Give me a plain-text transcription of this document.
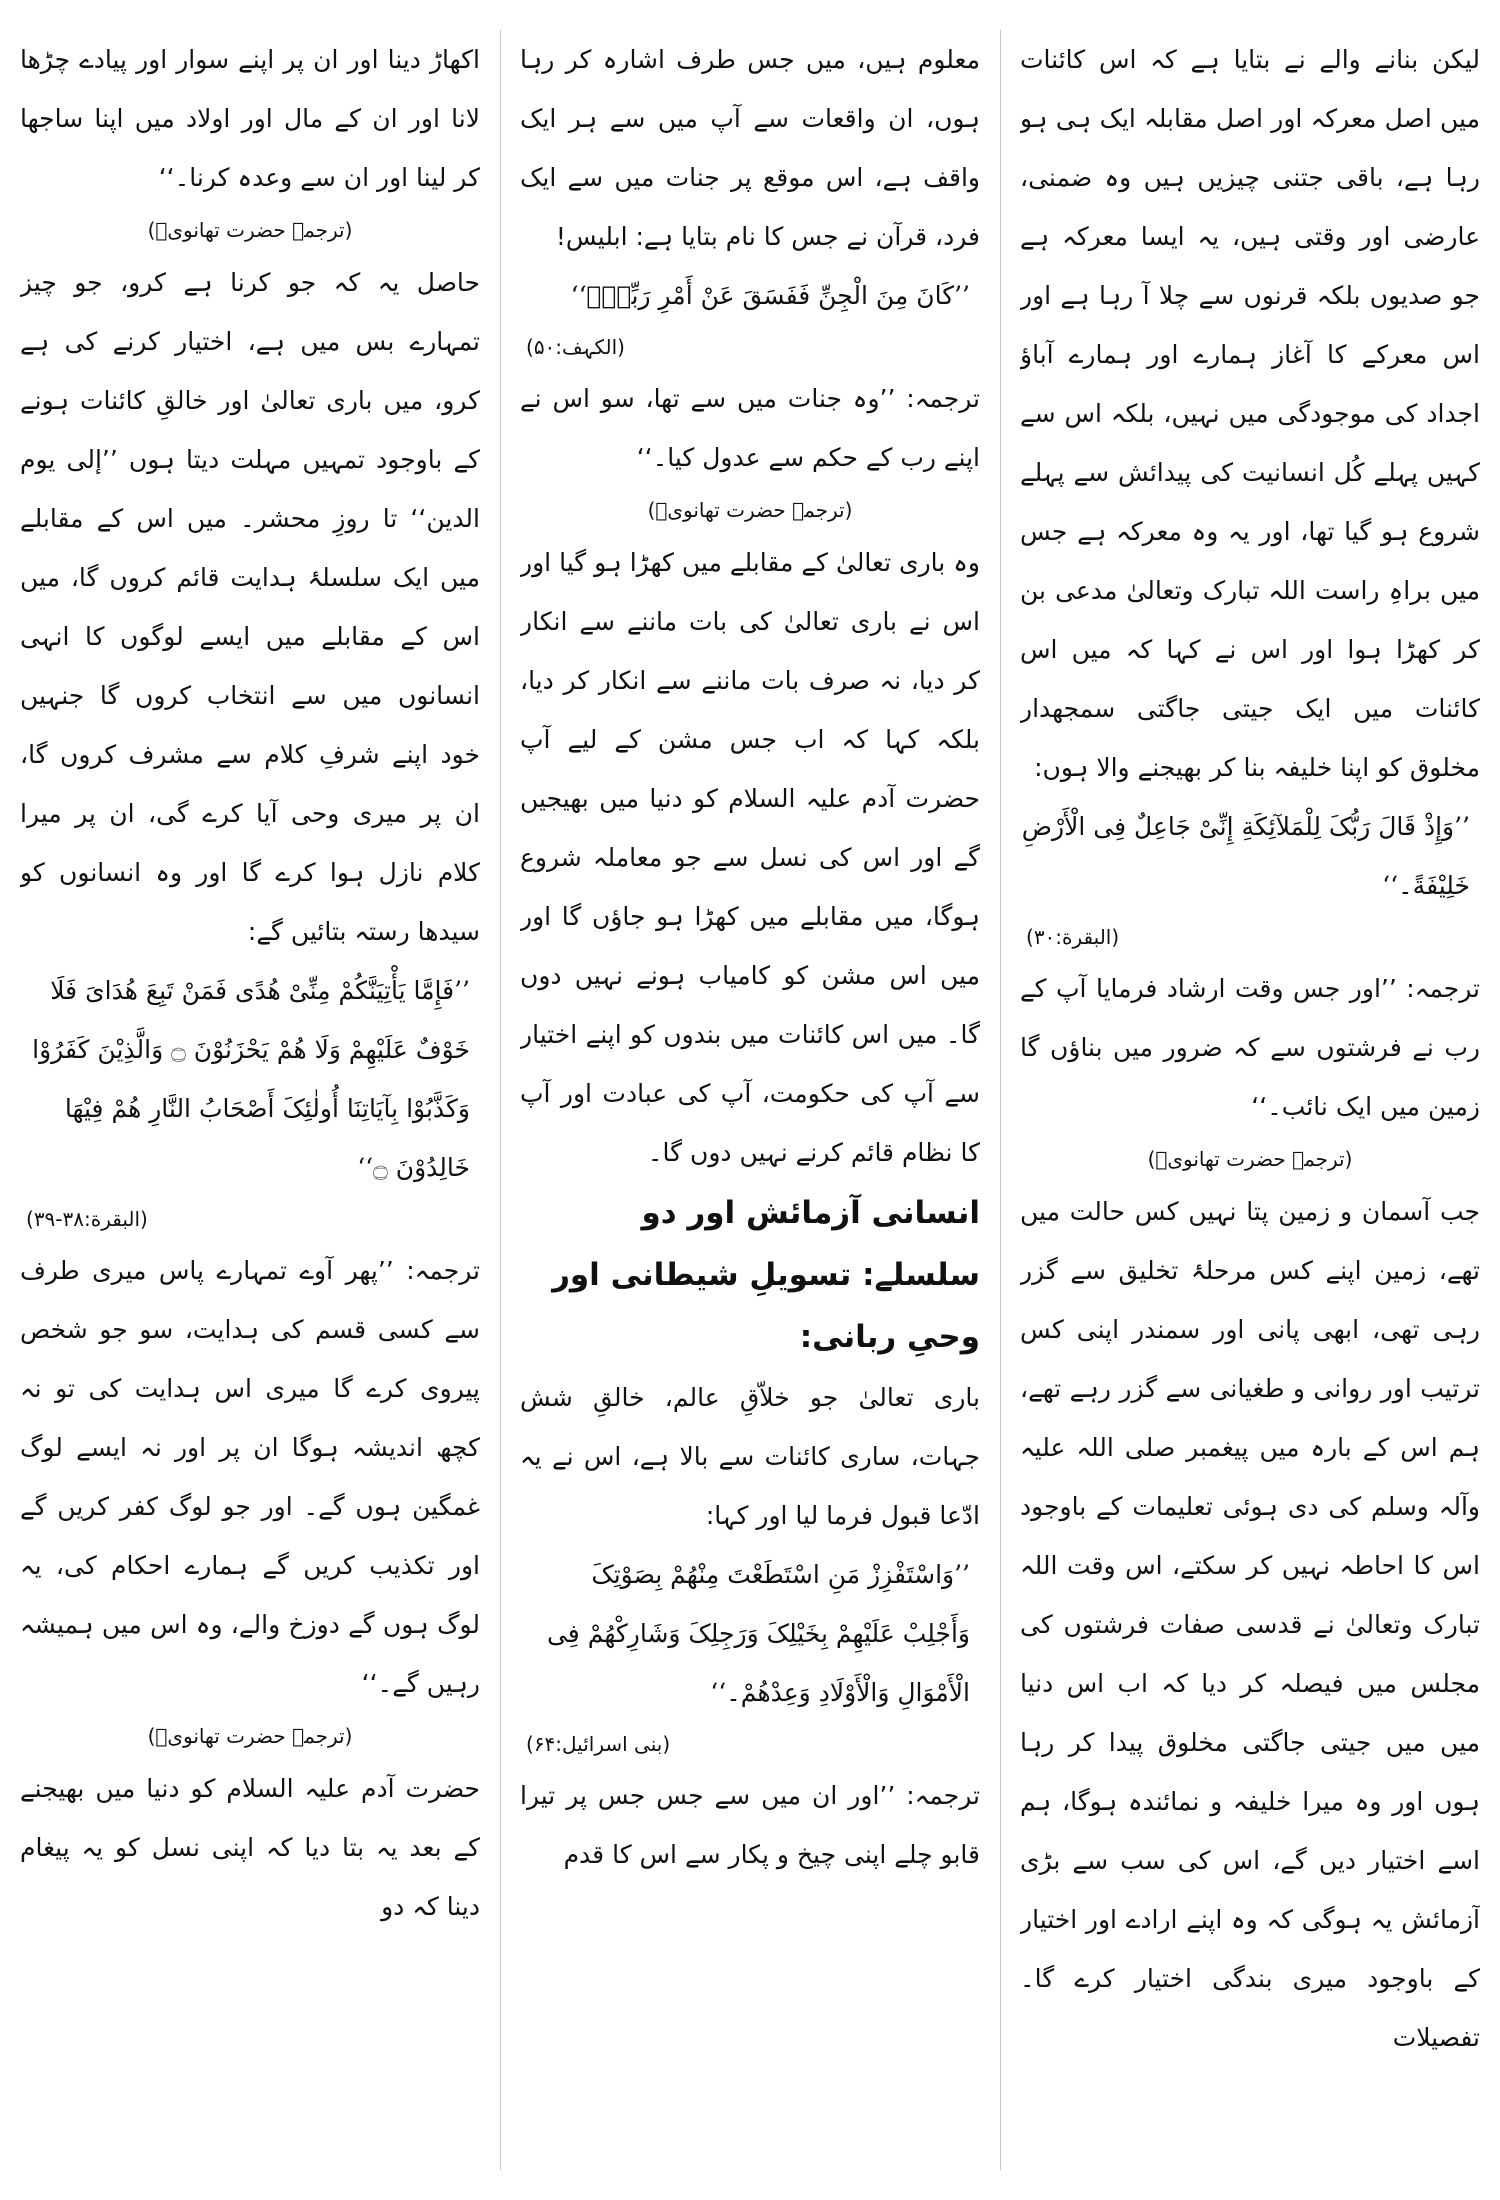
لیکن بنانے والے نے بتایا ہے کہ اس کائنات میں اصل معرکہ اور اصل مقابلہ ایک ہی ہو رہا ہے، باقی جتنی چیزیں ہیں وہ ضمنی، عارضی اور وقتی ہیں، یہ ایسا معرکہ ہے جو صدیوں بلکہ قرنوں سے چلا آ رہا ہے اور اس معرکے کا آغاز ہمارے اور ہمارے آباؤ اجداد کی موجودگی میں نہیں، بلکہ اس سے کہیں پہلے کُل انسانیت کی پیدائش سے پہلے شروع ہو گیا تھا، اور یہ وہ معرکہ ہے جس میں براہِ راست اللہ تبارک وتعالیٰ مدعی بن کر کھڑا ہوا اور اس نے کہا کہ میں اس کائنات میں ایک جیتی جاگتی سمجھدار مخلوق کو اپنا خلیفہ بنا کر بھیجنے والا ہوں:

’’وَإِذْ قَالَ رَبُّکَ لِلْمَلآئِکَةِ إِنِّیْ جَاعِلٌ فِی الْأَرْضِ خَلِیْفَةً۔‘‘

(البقرة:۳۰)

ترجمہ: ’’اور جس وقت ارشاد فرمایا آپ کے رب نے فرشتوں سے کہ ضرور میں بناؤں گا زمین میں ایک نائب۔‘‘

(ترجمہ حضرت تھانویؒ)

جب آسمان و زمین پتا نہیں کس حالت میں تھے، زمین اپنے کس مرحلۂ تخلیق سے گزر رہی تھی، ابھی پانی اور سمندر اپنی کس ترتیب اور روانی و طغیانی سے گزر رہے تھے، ہم اس کے بارہ میں پیغمبر صلی اللہ علیہ وآلہ وسلم کی دی ہوئی تعلیمات کے باوجود اس کا احاطہ نہیں کر سکتے، اس وقت اللہ تبارک وتعالیٰ نے قدسی صفات فرشتوں کی مجلس میں فیصلہ کر دیا کہ اب اس دنیا میں میں جیتی جاگتی مخلوق پیدا کر رہا ہوں اور وہ میرا خلیفہ و نمائندہ ہوگا، ہم اسے اختیار دیں گے، اس کی سب سے بڑی آزمائش یہ ہوگی کہ وہ اپنے ارادے اور اختیار کے باوجود میری بندگی اختیار کرے گا۔ تفصیلات

معلوم ہیں، میں جس طرف اشارہ کر رہا ہوں، ان واقعات سے آپ میں سے ہر ایک واقف ہے، اس موقع پر جنات میں سے ایک فرد، قرآن نے جس کا نام بتایا ہے: ابلیس!

’’کَانَ مِنَ الْجِنِّ فَفَسَقَ عَنْ أَمْرِ رَبِّهٖ۔‘‘

(الکہف:۵۰)

ترجمہ: ’’وہ جنات میں سے تھا، سو اس نے اپنے رب کے حکم سے عدول کیا۔‘‘

(ترجمہ حضرت تھانویؒ)

وہ باری تعالیٰ کے مقابلے میں کھڑا ہو گیا اور اس نے باری تعالیٰ کی بات ماننے سے انکار کر دیا، نہ صرف بات ماننے سے انکار کر دیا، بلکہ کہا کہ اب جس مشن کے لیے آپ حضرت آدم علیہ السلام کو دنیا میں بھیجیں گے اور اس کی نسل سے جو معاملہ شروع ہوگا، میں مقابلے میں کھڑا ہو جاؤں گا اور میں اس مشن کو کامیاب ہونے نہیں دوں گا۔ میں اس کائنات میں بندوں کو اپنے اختیار سے آپ کی حکومت، آپ کی عبادت اور آپ کا نظام قائم کرنے نہیں دوں گا۔

انسانی آزمائش اور دو سلسلے: تسویلِ شیطانی اور وحیِ ربانی:

باری تعالیٰ جو خلاّقِ عالم، خالقِ شش جہات، ساری کائنات سے بالا ہے، اس نے یہ ادّعا قبول فرما لیا اور کہا:

’’وَاسْتَفْزِزْ مَنِ اسْتَطَعْتَ مِنْهُمْ بِصَوْتِکَ وَأَجْلِبْ عَلَیْهِمْ بِخَیْلِکَ وَرَجِلِکَ وَشَارِکْهُمْ فِی الْأَمْوَالِ وَالْأَوْلَادِ وَعِدْهُمْ۔‘‘

(بنی اسرائیل:۶۴)

ترجمہ: ’’اور ان میں سے جس جس پر تیرا قابو چلے اپنی چیخ و پکار سے اس کا قدم

اکھاڑ دینا اور ان پر اپنے سوار اور پیادے چڑھا لانا اور ان کے مال اور اولاد میں اپنا ساجھا کر لینا اور ان سے وعدہ کرنا۔‘‘

(ترجمہ حضرت تھانویؒ)

حاصل یہ کہ جو کرنا ہے کرو، جو چیز تمہارے بس میں ہے، اختیار کرنے کی ہے کرو، میں باری تعالیٰ اور خالقِ کائنات ہونے کے باوجود تمہیں مہلت دیتا ہوں ’’إلی یوم الدین‘‘ تا روزِ محشر۔ میں اس کے مقابلے میں ایک سلسلۂ ہدایت قائم کروں گا، میں اس کے مقابلے میں ایسے لوگوں کا انہی انسانوں میں سے انتخاب کروں گا جنہیں خود اپنے شرفِ کلام سے مشرف کروں گا، ان پر میری وحی آیا کرے گی، ان پر میرا کلام نازل ہوا کرے گا اور وہ انسانوں کو سیدھا رستہ بتائیں گے:

’’فَإِمَّا یَأْتِیَنَّکُمْ مِنِّیْ هُدًی فَمَنْ تَبِعَ هُدَایَ فَلَا خَوْفٌ عَلَیْهِمْ وَلَا هُمْ یَحْزَنُوْنَ ۝ وَالَّذِیْنَ کَفَرُوْا وَکَذَّبُوْا بِآیَاتِنَا أُولٰئِکَ أَصْحَابُ النَّارِ هُمْ فِیْهَا خَالِدُوْنَ ۝‘‘

(البقرة:۳۸-۳۹)

ترجمہ: ’’پھر آوے تمہارے پاس میری طرف سے کسی قسم کی ہدایت، سو جو شخص پیروی کرے گا میری اس ہدایت کی تو نہ کچھ اندیشہ ہوگا ان پر اور نہ ایسے لوگ غمگین ہوں گے۔ اور جو لوگ کفر کریں گے اور تکذیب کریں گے ہمارے احکام کی، یہ لوگ ہوں گے دوزخ والے، وہ اس میں ہمیشہ رہیں گے۔‘‘

(ترجمہ حضرت تھانویؒ)

حضرت آدم علیہ السلام کو دنیا میں بھیجنے کے بعد یہ بتا دیا کہ اپنی نسل کو یہ پیغام دینا کہ دو
